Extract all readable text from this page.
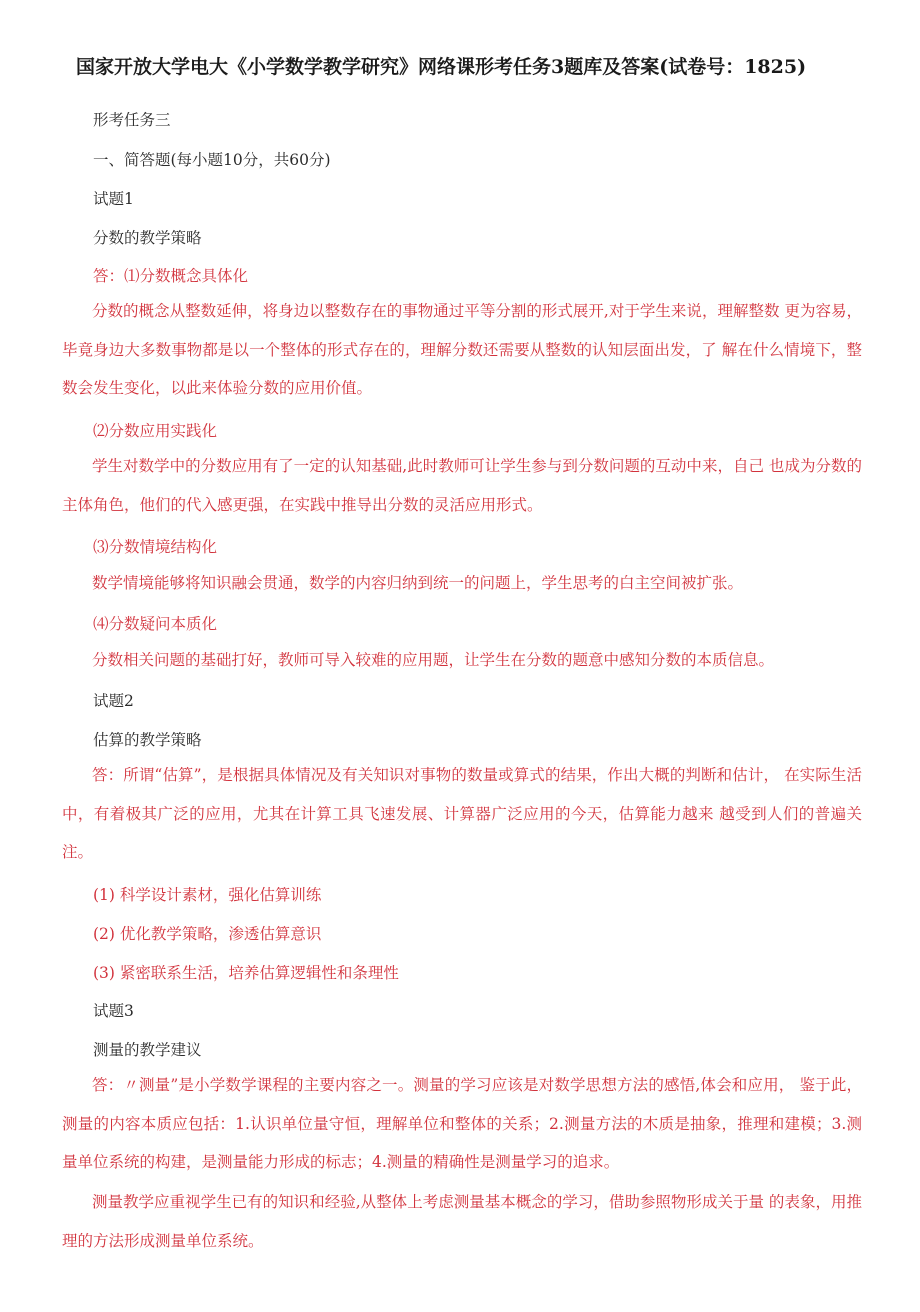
国家开放大学电大《小学数学教学研究》网络课形考任务3题库及答案(试卷号：1825)
形考任务三
一、简答题(每小题10分，共60分)
试题1
分数的教学策略
答：⑴分数概念具体化
分数的概念从整数延伸，将身边以整数存在的事物通过平等分割的形式展开,对于学生来说，理解整数 更为容易，毕竟身边大多数事物都是以一个整体的形式存在的，理解分数还需要从整数的认知层面出发，了 解在什么情境下，整数会发生变化，以此来体验分数的应用价值。
⑵分数应用实践化
学生对数学中的分数应用有了一定的认知基础,此时教师可让学生参与到分数问题的互动中来，自己 也成为分数的主体角色，他们的代入感更强，在实践中推导出分数的灵活应用形式。
⑶分数情境结构化
数学情境能够将知识融会贯通，数学的内容归纳到统一的问题上，学生思考的白主空间被扩张。
⑷分数疑问本质化
分数相关问题的基础打好，教师可导入较难的应用题，让学生在分数的题意中感知分数的本质信息。
试题2
估算的教学策略
答：所谓“估算”，是根据具体情况及有关知识对事物的数量或算式的结果，作出大概的判断和估计， 在实际生活中，有着极其广泛的应用，尤其在计算工具飞速发展、计算器广泛应用的今天，估算能力越来 越受到人们的普遍关注。
(1) 科学设计素材，强化估算训练
(2) 优化教学策略，渗透估算意识
(3) 紧密联系生活，培养估算逻辑性和条理性
试题3
测量的教学建议
答：〃测量”是小学数学课程的主要内容之一。测量的学习应该是对数学思想方法的感悟,体会和应用， 鉴于此，测量的内容本质应包括：1.认识单位量守恒，理解单位和整体的关系；2.测量方法的木质是抽象，推理和建模；3.测量单位系统的构建，是测量能力形成的标志；4.测量的精确性是测量学习的追求。
测量教学应重视学生已有的知识和经验,从整体上考虑测量基本概念的学习，借助参照物形成关于量 的表象，用推理的方法形成测量单位系统。
